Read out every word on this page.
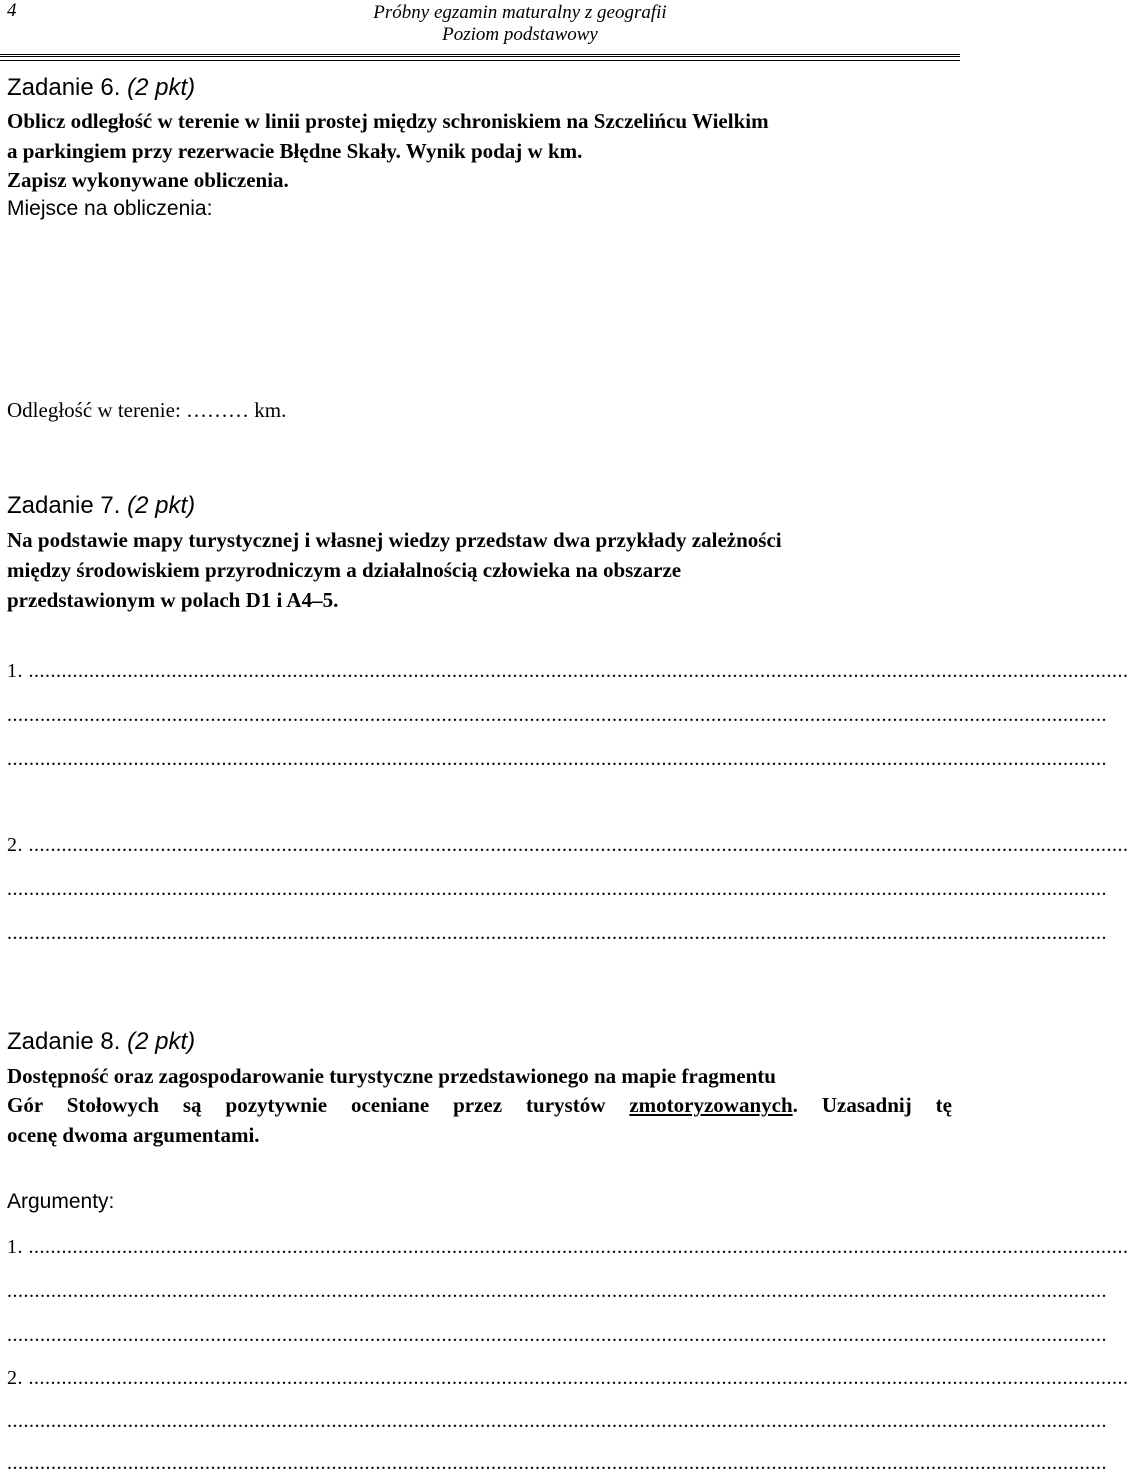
4	Próbny egzamin maturalny z geografii
Poziom podstawowy
Zadanie 6. (2 pkt)
Oblicz odległość w terenie w linii prostej między schroniskiem na Szczelińcu Wielkim
a parkingiem przy rezerwacie Błędne Skały. Wynik podaj w km.
Zapisz wykonywane obliczenia.
Miejsce na obliczenia:
Odległość w terenie: ……… km.
Zadanie 7. (2 pkt)
Na podstawie mapy turystycznej i własnej wiedzy przedstaw dwa przykłady zależności
między środowiskiem przyrodniczym a działalnością człowieka na obszarze
przedstawionym w polach D1 i A4–5.
1. ........................................................................................................................................................................................................
........................................................................................................................................................................................................
........................................................................................................................................................................................................
2. ........................................................................................................................................................................................................
........................................................................................................................................................................................................
........................................................................................................................................................................................................
Zadanie 8. (2 pkt)
Dostępność oraz zagospodarowanie turystyczne przedstawionego na mapie fragmentu
Gór Stołowych są pozytywnie oceniane przez turystów zmotoryzowanych. Uzasadnij tę
ocenę dwoma argumentami.
Argumenty:
1. ........................................................................................................................................................................................................
........................................................................................................................................................................................................
........................................................................................................................................................................................................
2. ........................................................................................................................................................................................................
........................................................................................................................................................................................................
........................................................................................................................................................................................................
